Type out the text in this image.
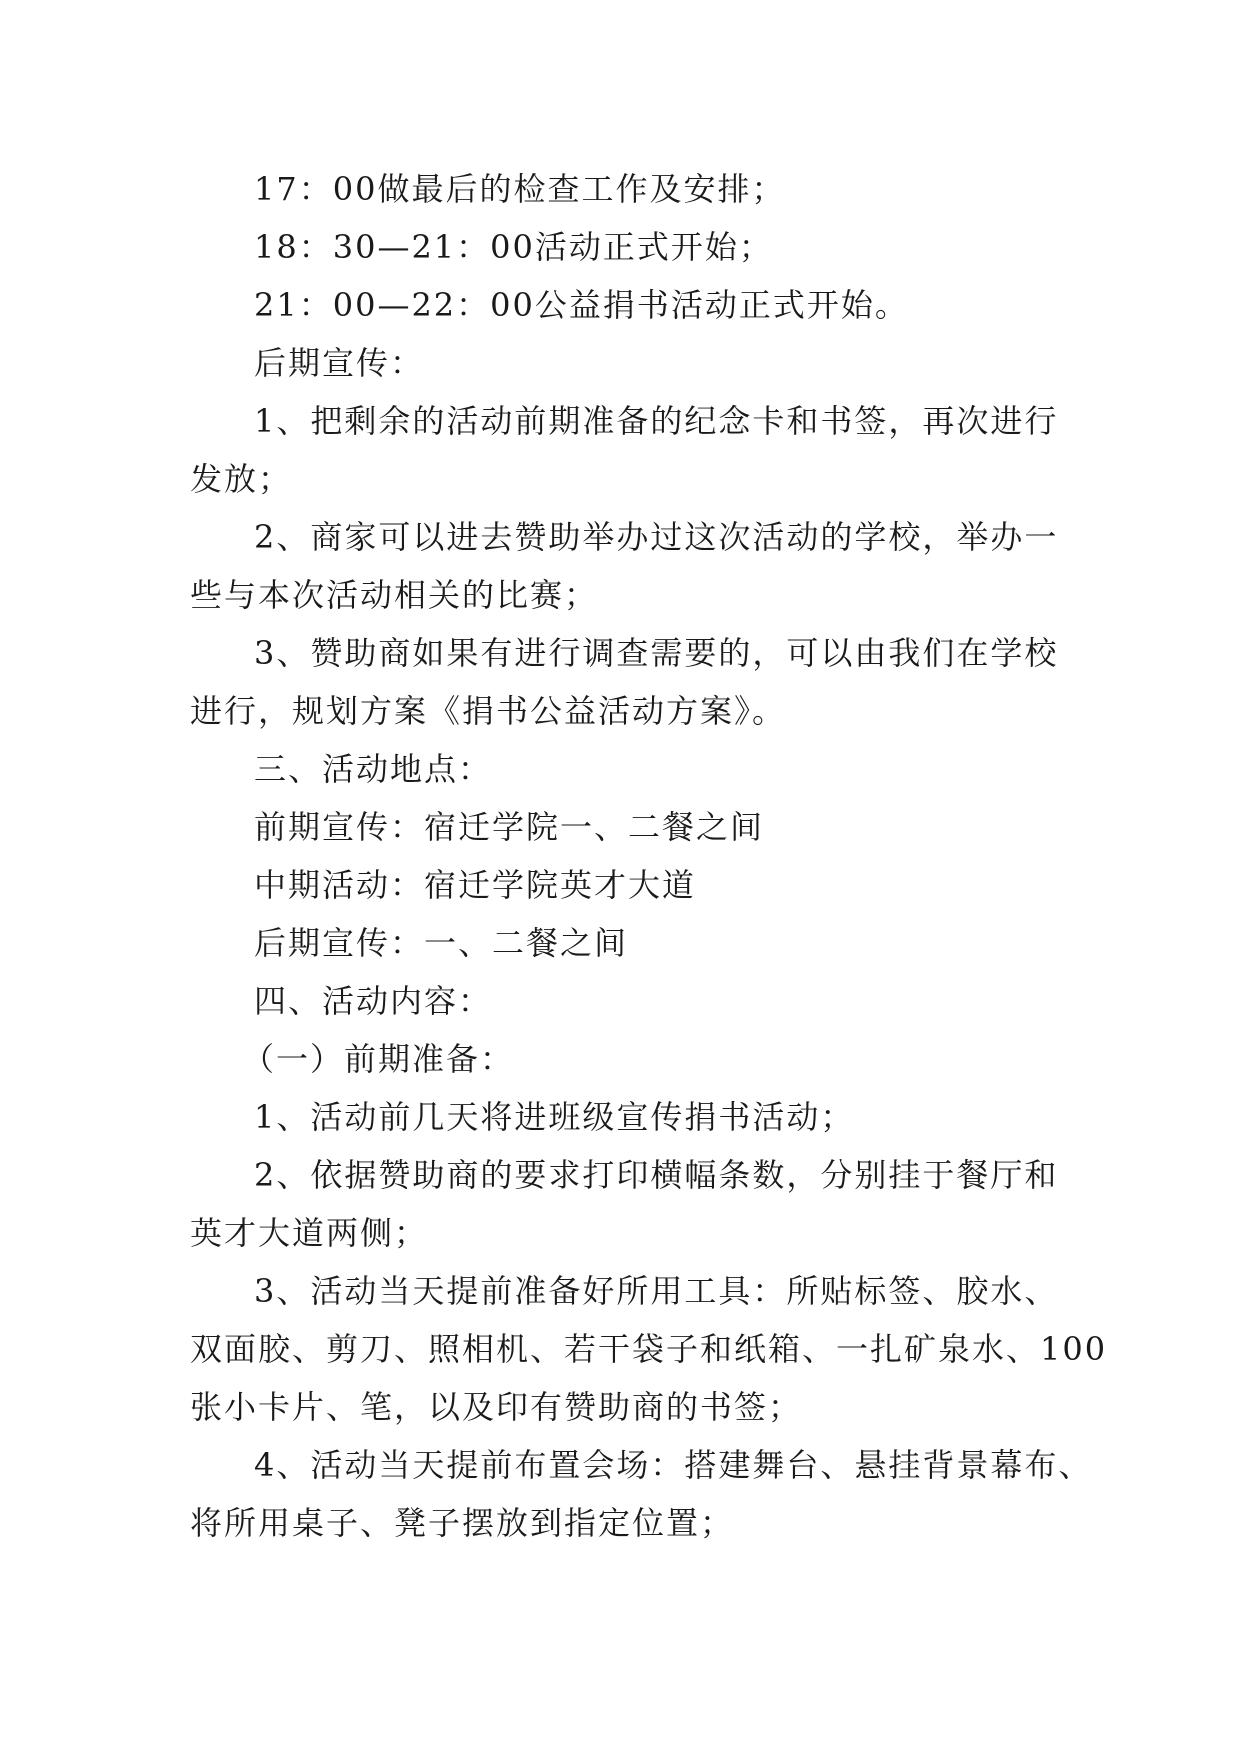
17：00做最后的检查工作及安排；
18：30—21：00活动正式开始；
21：00—22：00公益捐书活动正式开始。
后期宣传：
1、把剩余的活动前期准备的纪念卡和书签，再次进行
发放；
2、商家可以进去赞助举办过这次活动的学校，举办一
些与本次活动相关的比赛；
3、赞助商如果有进行调查需要的，可以由我们在学校
进行，规划方案《捐书公益活动方案》。
三、活动地点：
前期宣传：宿迁学院一、二餐之间
中期活动：宿迁学院英才大道
后期宣传：一、二餐之间
四、活动内容：
（一）前期准备：
1、活动前几天将进班级宣传捐书活动；
2、依据赞助商的要求打印横幅条数，分别挂于餐厅和
英才大道两侧；
3、活动当天提前准备好所用工具：所贴标签、胶水、
双面胶、剪刀、照相机、若干袋子和纸箱、一扎矿泉水、100
张小卡片、笔，以及印有赞助商的书签；
4、活动当天提前布置会场：搭建舞台、悬挂背景幕布、
将所用桌子、凳子摆放到指定位置；
